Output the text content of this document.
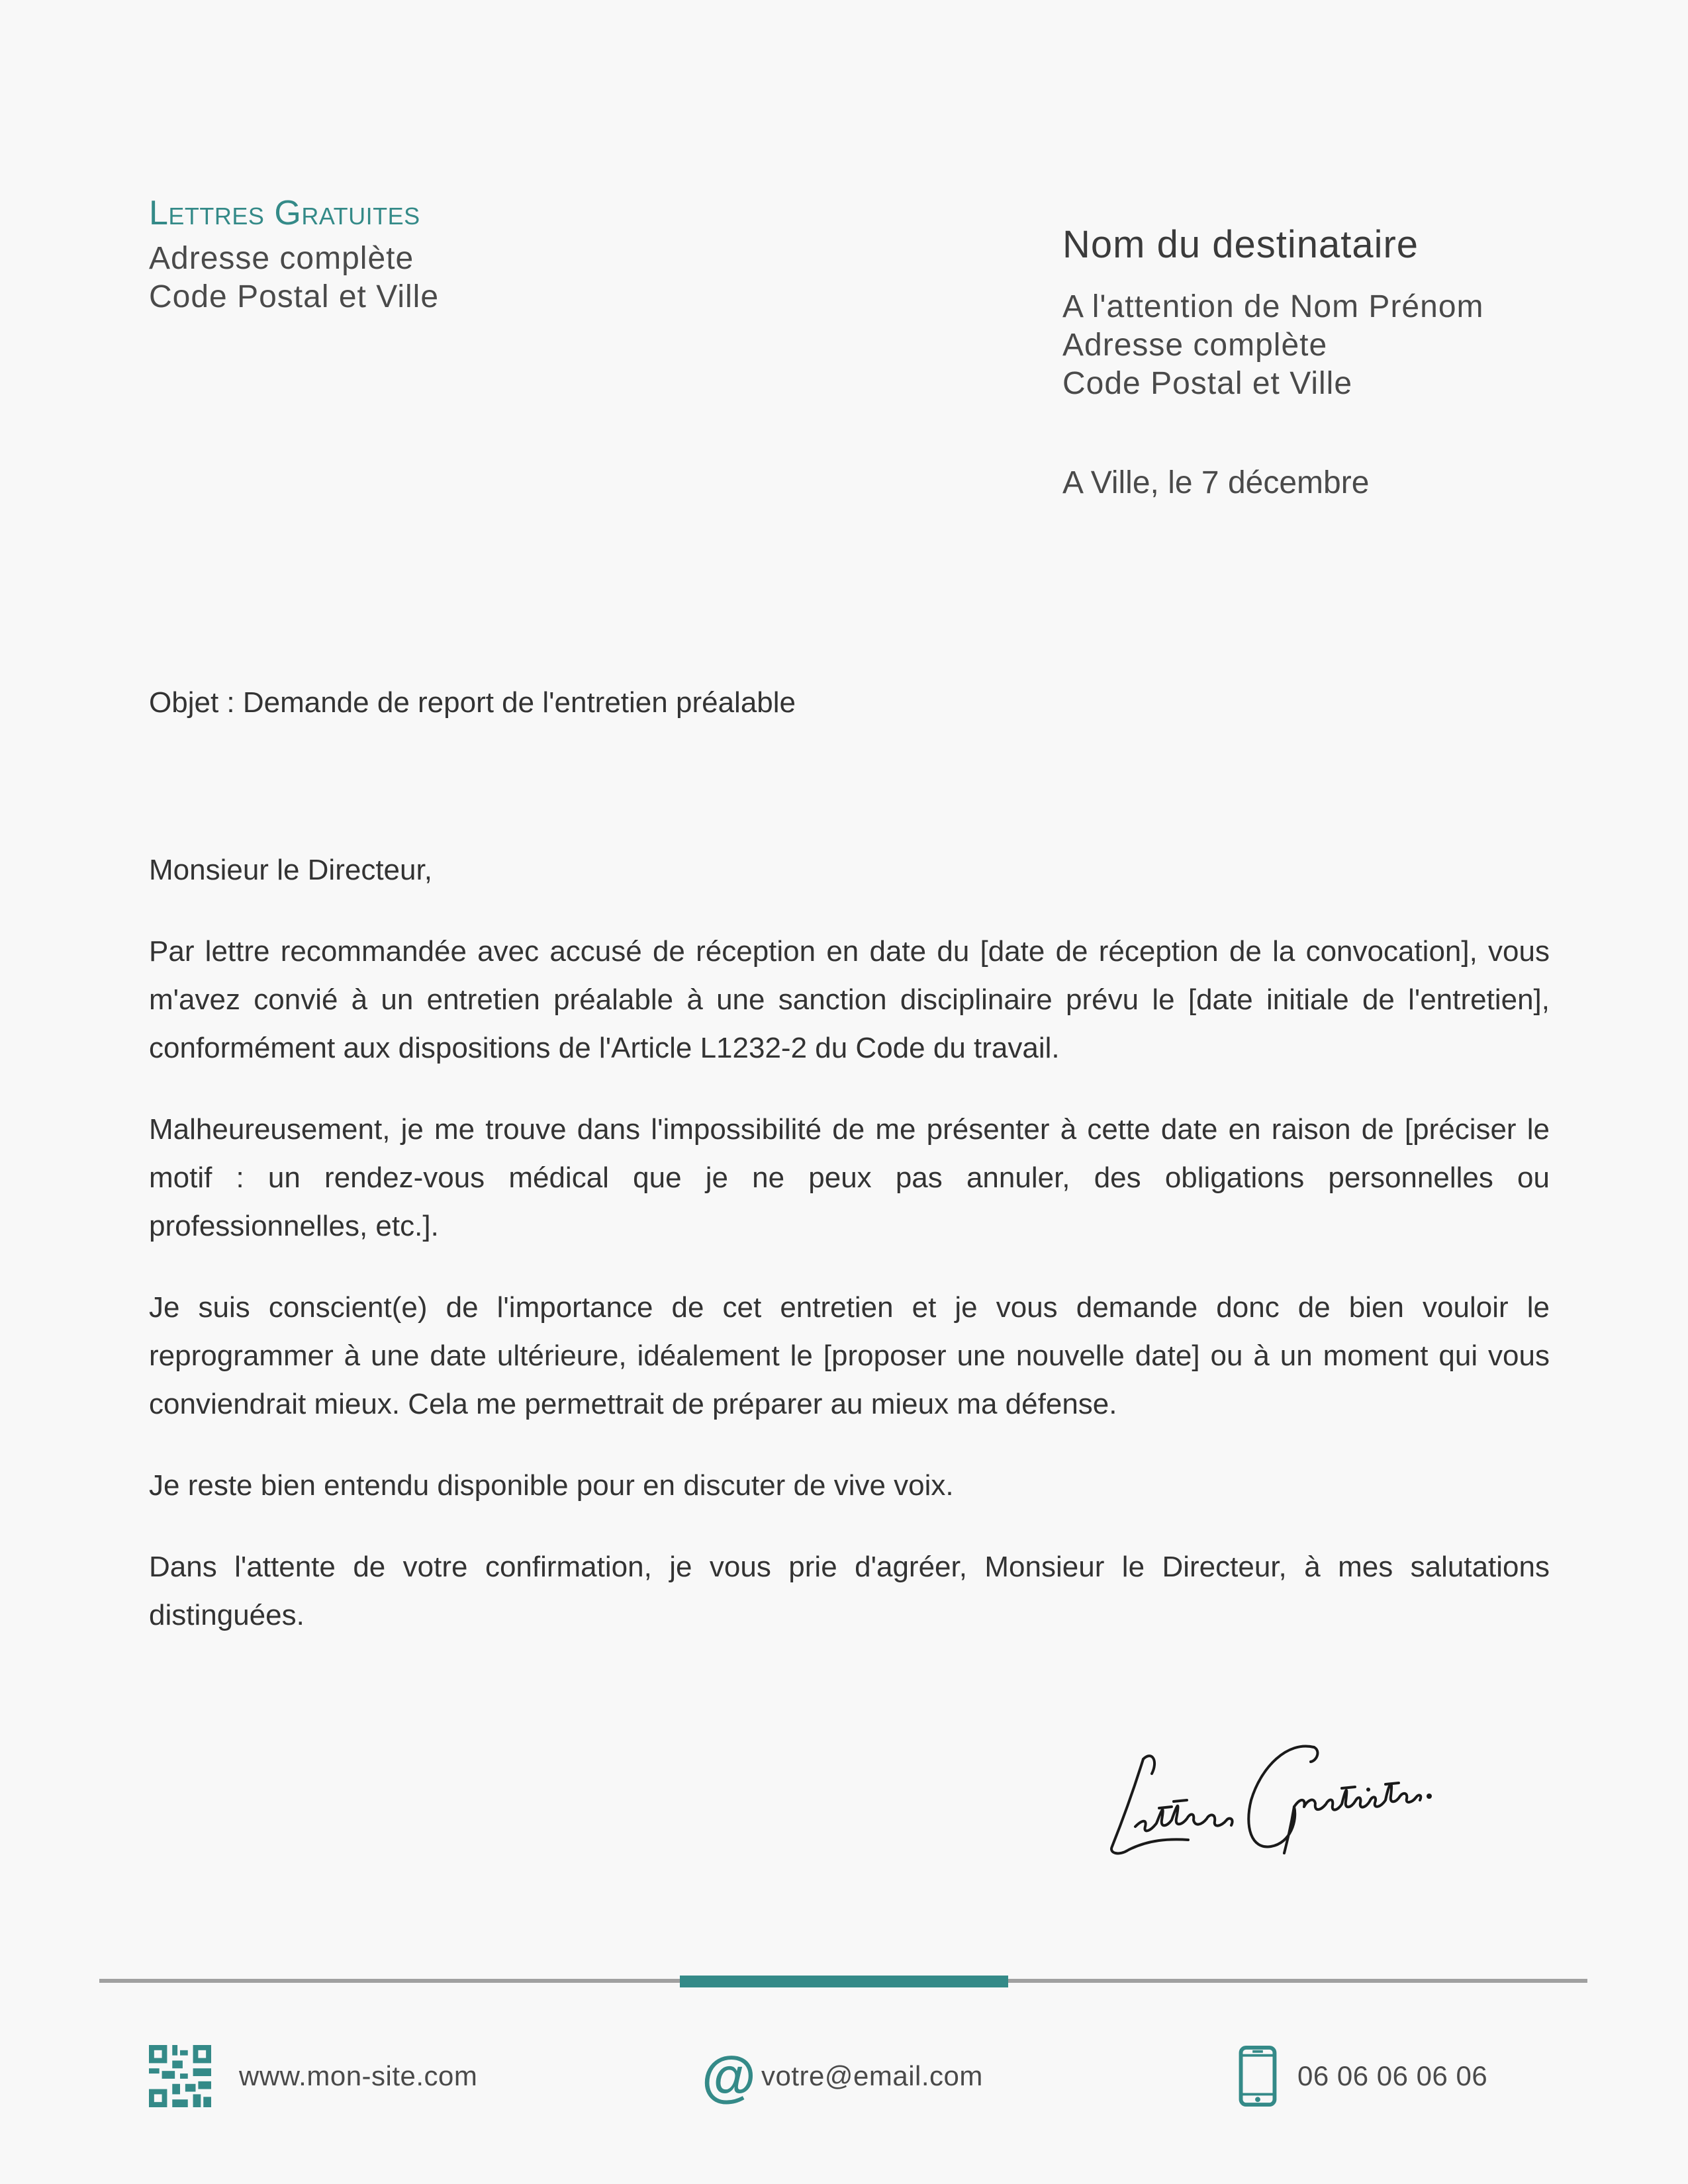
Lettres Gratuites
Adresse complète
Code Postal et Ville
Nom du destinataire
A l'attention de Nom Prénom
Adresse complète
Code Postal et Ville
A Ville, le 7 décembre
Objet : Demande de report de l'entretien préalable

Monsieur le Directeur,

Par lettre recommandée avec accusé de réception en date du [date de réception de la convocation], vous m'avez convié à un entretien préalable à une sanction disciplinaire prévu le [date initiale de l'entretien], conformément aux dispositions de l'Article L1232-2 du Code du travail.

Malheureusement, je me trouve dans l'impossibilité de me présenter à cette date en raison de [préciser le motif : un rendez-vous médical que je ne peux pas annuler, des obligations personnelles ou professionnelles, etc.].

Je suis conscient(e) de l'importance de cet entretien et je vous demande donc de bien vouloir le reprogrammer à une date ultérieure, idéalement le [proposer une nouvelle date] ou à un moment qui vous conviendrait mieux. Cela me permettrait de préparer au mieux ma défense.

Je reste bien entendu disponible pour en discuter de vive voix.

Dans l'attente de votre confirmation, je vous prie d'agréer, Monsieur le Directeur, à mes salutations distinguées.

www.mon-site.com	@ votre@email.com	06 06 06 06 06
